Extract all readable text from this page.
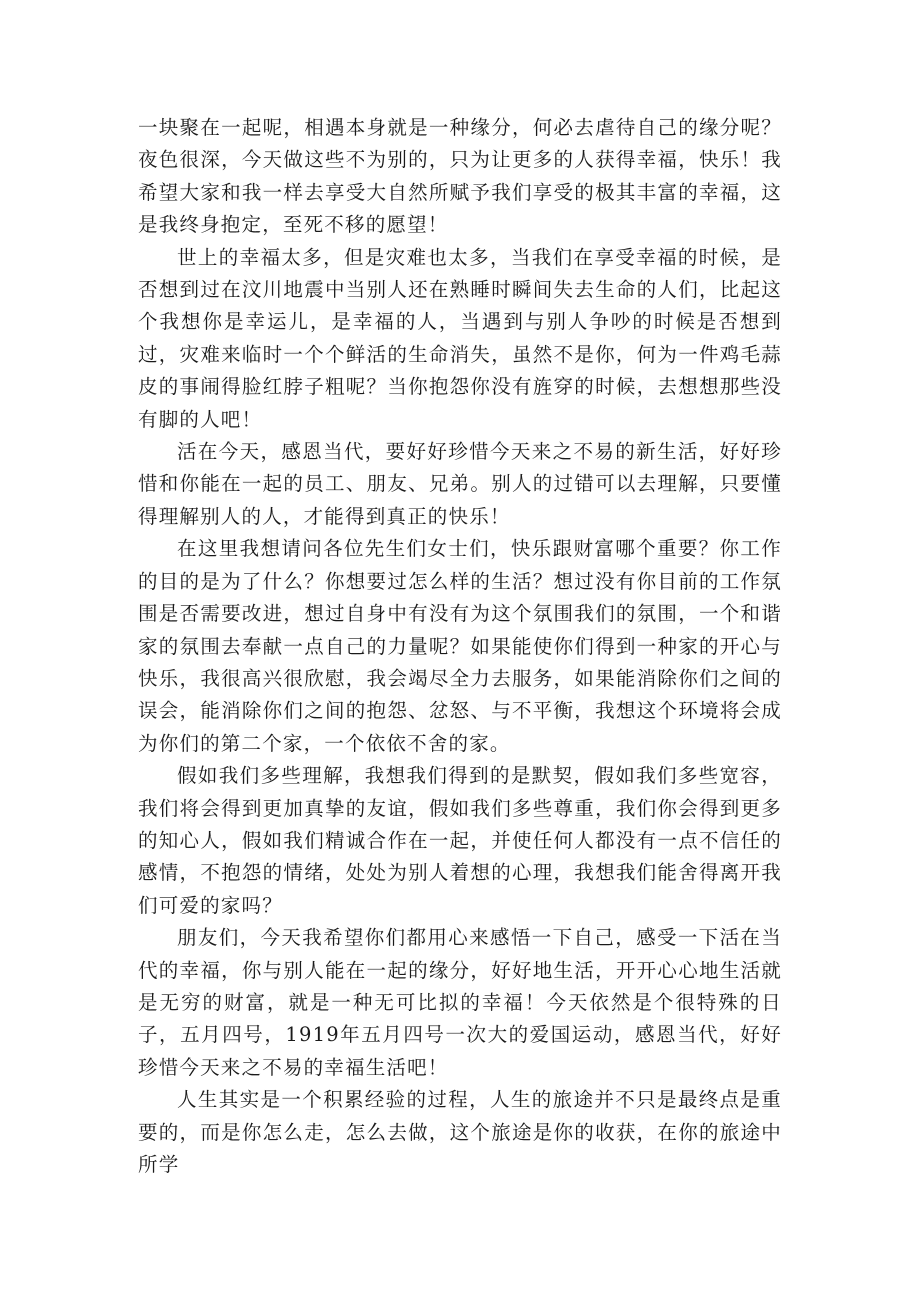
一块聚在一起呢，相遇本身就是一种缘分，何必去虐待自己的缘分呢？夜色很深，今天做这些不为别的，只为让更多的人获得幸福，快乐！我希望大家和我一样去享受大自然所赋予我们享受的极其丰富的幸福，这是我终身抱定，至死不移的愿望！

世上的幸福太多，但是灾难也太多，当我们在享受幸福的时候，是否想到过在汶川地震中当别人还在熟睡时瞬间失去生命的人们，比起这个我想你是幸运儿，是幸福的人，当遇到与别人争吵的时候是否想到过，灾难来临时一个个鲜活的生命消失，虽然不是你，何为一件鸡毛蒜皮的事闹得脸红脖子粗呢？当你抱怨你没有旌穿的时候，去想想那些没有脚的人吧！

活在今天，感恩当代，要好好珍惜今天来之不易的新生活，好好珍惜和你能在一起的员工、朋友、兄弟。别人的过错可以去理解，只要懂得理解别人的人，才能得到真正的快乐！

在这里我想请问各位先生们女士们，快乐跟财富哪个重要？你工作的目的是为了什么？你想要过怎么样的生活？想过没有你目前的工作氛围是否需要改进，想过自身中有没有为这个氛围我们的氛围，一个和谐家的氛围去奉献一点自己的力量呢？如果能使你们得到一种家的开心与快乐，我很高兴很欣慰，我会竭尽全力去服务，如果能消除你们之间的误会，能消除你们之间的抱怨、忿怒、与不平衡，我想这个环境将会成为你们的第二个家，一个依依不舍的家。

假如我们多些理解，我想我们得到的是默契，假如我们多些宽容，我们将会得到更加真挚的友谊，假如我们多些尊重，我们你会得到更多的知心人，假如我们精诚合作在一起，并使任何人都没有一点不信任的感情，不抱怨的情绪，处处为别人着想的心理，我想我们能舍得离开我们可爱的家吗？

朋友们，今天我希望你们都用心来感悟一下自己，感受一下活在当代的幸福，你与别人能在一起的缘分，好好地生活，开开心心地生活就是无穷的财富，就是一种无可比拟的幸福！今天依然是个很特殊的日子，五月四号，1919年五月四号一次大的爱国运动，感恩当代，好好珍惜今天来之不易的幸福生活吧！

人生其实是一个积累经验的过程，人生的旅途并不只是最终点是重要的，而是你怎么走，怎么去做，这个旅途是你的收获，在你的旅途中所学
